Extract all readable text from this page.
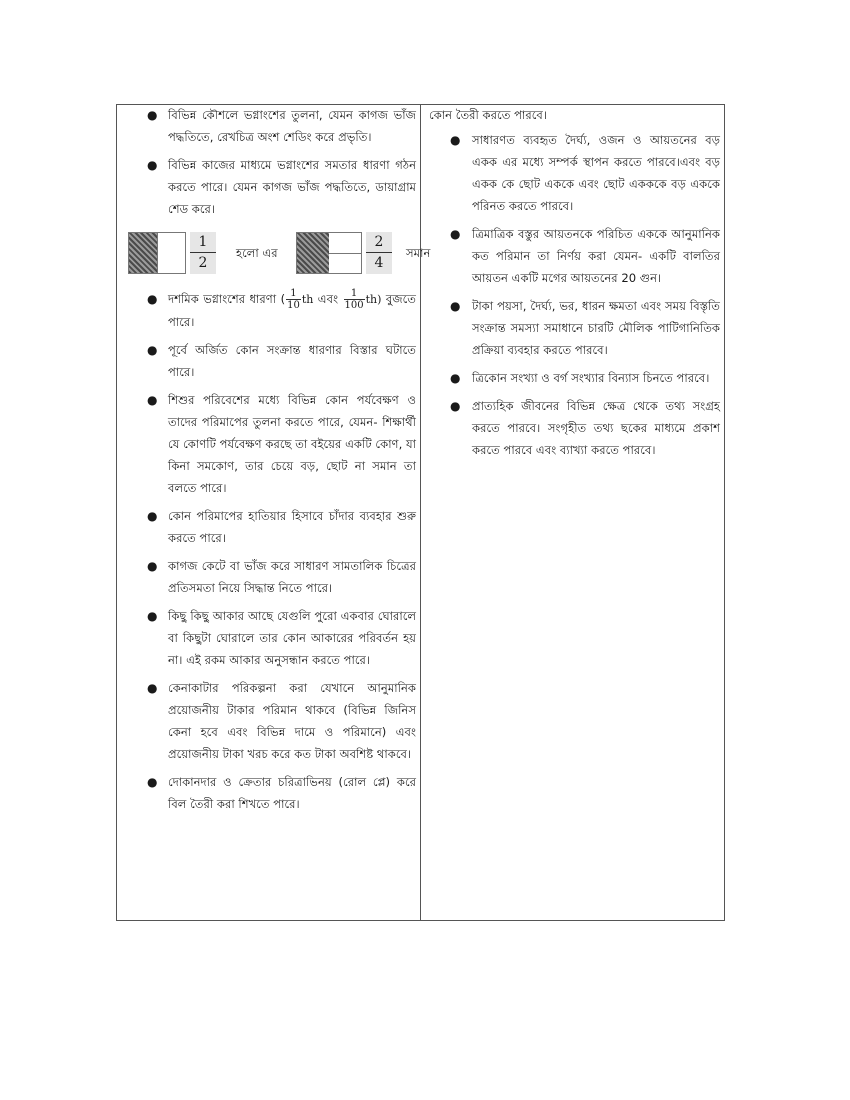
● বিভিন্ন কৌশলে ভগ্নাংশের তুলনা, যেমন কাগজ ভাঁজ পদ্ধতিতে, রেখচিত্র অংশ শেডিং করে প্রভৃতি।
● বিভিন্ন কাজের মাধ্যমে ভগ্নাংশের সমতার ধারণা গঠন করতে পারে। যেমন কাগজ ভাঁজ পদ্ধতিতে, ডায়াগ্রাম শেড করে।
1
2
হলো এর
2
4
সমান
● দশমিক ভগ্নাংশের ধারণা ( $\frac{1}{10}$ th এবং $\frac{1}{100} th$) বুজতে পারে।
● পূর্বে অর্জিত কোন সংক্রান্ত ধারণার বিস্তার ঘটাতে পারে।
● শিশুর পরিবেশের মধ্যে বিভিন্ন কোন পর্যবেক্ষণ ও তাদের পরিমাপের তুলনা করতে পারে, যেমন- শিক্ষার্থী যে কোণটি পর্যবেক্ষণ করছে তা বইয়ের একটি কোণ, যা কিনা সমকোণ, তার চেয়ে বড়, ছোট না সমান তা বলতে পারে।
● কোন পরিমাপের হাতিয়ার হিসাবে চাঁদার ব্যবহার শুরু করতে পারে।
● কাগজ কেটে বা ভাঁজ করে সাধারণ সামতালিক চিত্রের প্রতিসমতা নিয়ে সিদ্ধান্ত নিতে পারে।
● কিছু কিছু আকার আছে যেগুলি পুরো একবার ঘোরালে বা কিছুটা ঘোরালে তার কোন আকারের পরিবর্তন হয় না। এই রকম আকার অনুসন্ধান করতে পারে।
● কেনাকাটার পরিকল্পনা করা যেখানে আনুমানিক প্রয়োজনীয় টাকার পরিমান থাকবে (বিভিন্ন জিনিস কেনা হবে এবং বিভিন্ন দামে ও পরিমানে) এবং প্রয়োজনীয় টাকা খরচ করে কত টাকা অবশিষ্ট থাকবে।
● দোকানদার ও ক্রেতার চরিত্রাভিনয় (রোল প্লে) করে বিল তৈরী করা শিখতে পারে।
কোন তৈরী করতে পারবে।
● সাধারণত ব্যবহৃত দৈর্ঘ্য, ওজন ও আয়তনের বড় একক এর মধ্যে সম্পর্ক স্থাপন করতে পারবে।এবং বড় একক কে ছোট এককে এবং ছোট একককে বড় এককে পরিনত করতে পারবে।
● ত্রিমাত্রিক বস্তুর আয়তনকে পরিচিত এককে আনুমানিক কত পরিমান তা নির্ণয় করা যেমন- একটি বালতির আয়তন একটি মগের আয়তনের 20 গুন।
● টাকা পয়সা, দৈর্ঘ্য, ভর, ধারন ক্ষমতা এবং সময় বিস্তৃতি সংক্রান্ত সমস্যা সমাধানে চারটি মৌলিক পাটিগানিতিক প্রক্রিয়া ব্যবহার করতে পারবে।
● ত্রিকোন সংখ্যা ও বর্গ সংখ্যার বিন্যাস চিনতে পারবে।
● প্রাত্যহিক জীবনের বিভিন্ন ক্ষেত্র থেকে তথ্য সংগ্রহ করতে পারবে। সংগৃহীত তথ্য ছকের মাধ্যমে প্রকাশ করতে পারবে এবং ব্যাখ্যা করতে পারবে।
